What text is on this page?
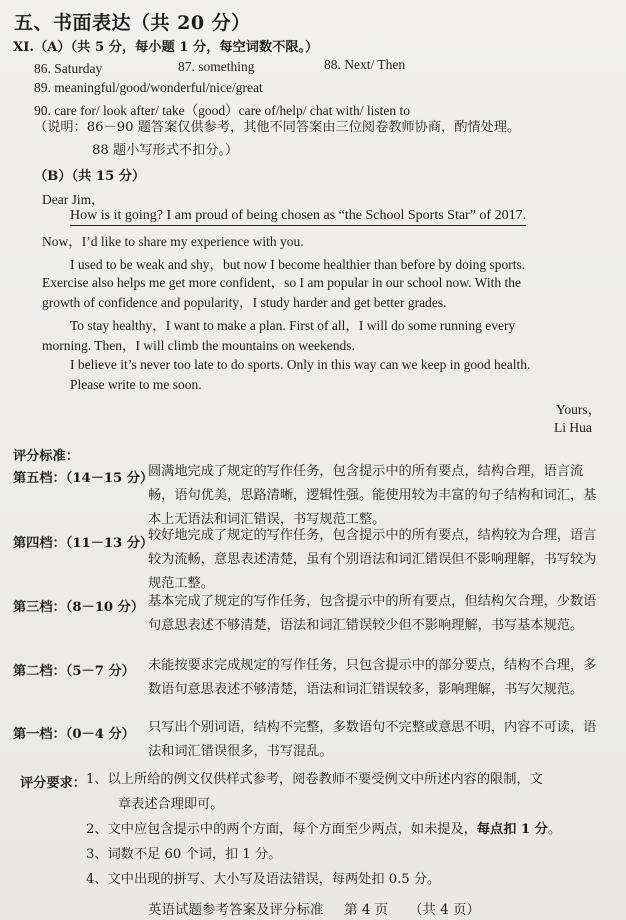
五、书面表达（共 20 分）
XI.（A）（共 5 分，每小题 1 分，每空词数不限。）
86. Saturday	87. something	88. Next/ Then
89. meaningful/good/wonderful/nice/great
90. care for/ look after/ take（good）care of/help/ chat with/ listen to
（说明：86－90 题答案仅供参考，其他不同答案由三位阅卷教师协商，酌情处理。
88 题小写形式不扣分。）
（B）（共 15 分）
Dear Jim，
How is it going? I am proud of being chosen as “the School Sports Star” of 2017.
Now，I’d like to share my experience with you.
I used to be weak and shy，but now I become healthier than before by doing sports.
Exercise also helps me get more confident，so I am popular in our school now. With the
growth of confidence and popularity，I study harder and get better grades.
To stay healthy，I want to make a plan. First of all，I will do some running every
morning. Then，I will climb the mountains on weekends.
I believe it’s never too late to do sports. Only in this way can we keep in good health.
Please write to me soon.
Yours，
Li Hua
评分标准：
第五档：（14－15 分）
圆满地完成了规定的写作任务，包含提示中的所有要点，结构合理，语言流畅，语句优美，思路清晰，逻辑性强。能使用较为丰富的句子结构和词汇，基本上无语法和词汇错误，书写规范工整。
第四档：（11－13 分）
较好地完成了规定的写作任务，包含提示中的所有要点，结构较为合理，语言较为流畅，意思表述清楚，虽有个别语法和词汇错误但不影响理解，书写较为规范工整。
第三档：（8－10 分） 基本完成了规定的写作任务，包含提示中的所有要点，但结构欠合理，少数语句意思表述不够清楚，语法和词汇错误较少但不影响理解，书写基本规范。
第二档：（5－7 分） 未能按要求完成规定的写作任务，只包含提示中的部分要点，结构不合理，多数语句意思表述不够清楚，语法和词汇错误较多，影响理解，书写欠规范。
第一档：（0－4 分） 只写出个别词语，结构不完整，多数语句不完整或意思不明，内容不可读，语法和词汇错误很多，书写混乱。
评分要求： 1、以上所给的例文仅供样式参考，阅卷教师不要受例文中所述内容的限制，文
章表述合理即可。
2、文中应包含提示中的两个方面，每个方面至少两点，如未提及，每点扣 1 分。
3、词数不足 60 个词，扣 1 分。
4、文中出现的拼写、大小写及语法错误，每两处扣 0.5 分。
英语试题参考答案及评分标准 第 4 页 （共 4 页）
